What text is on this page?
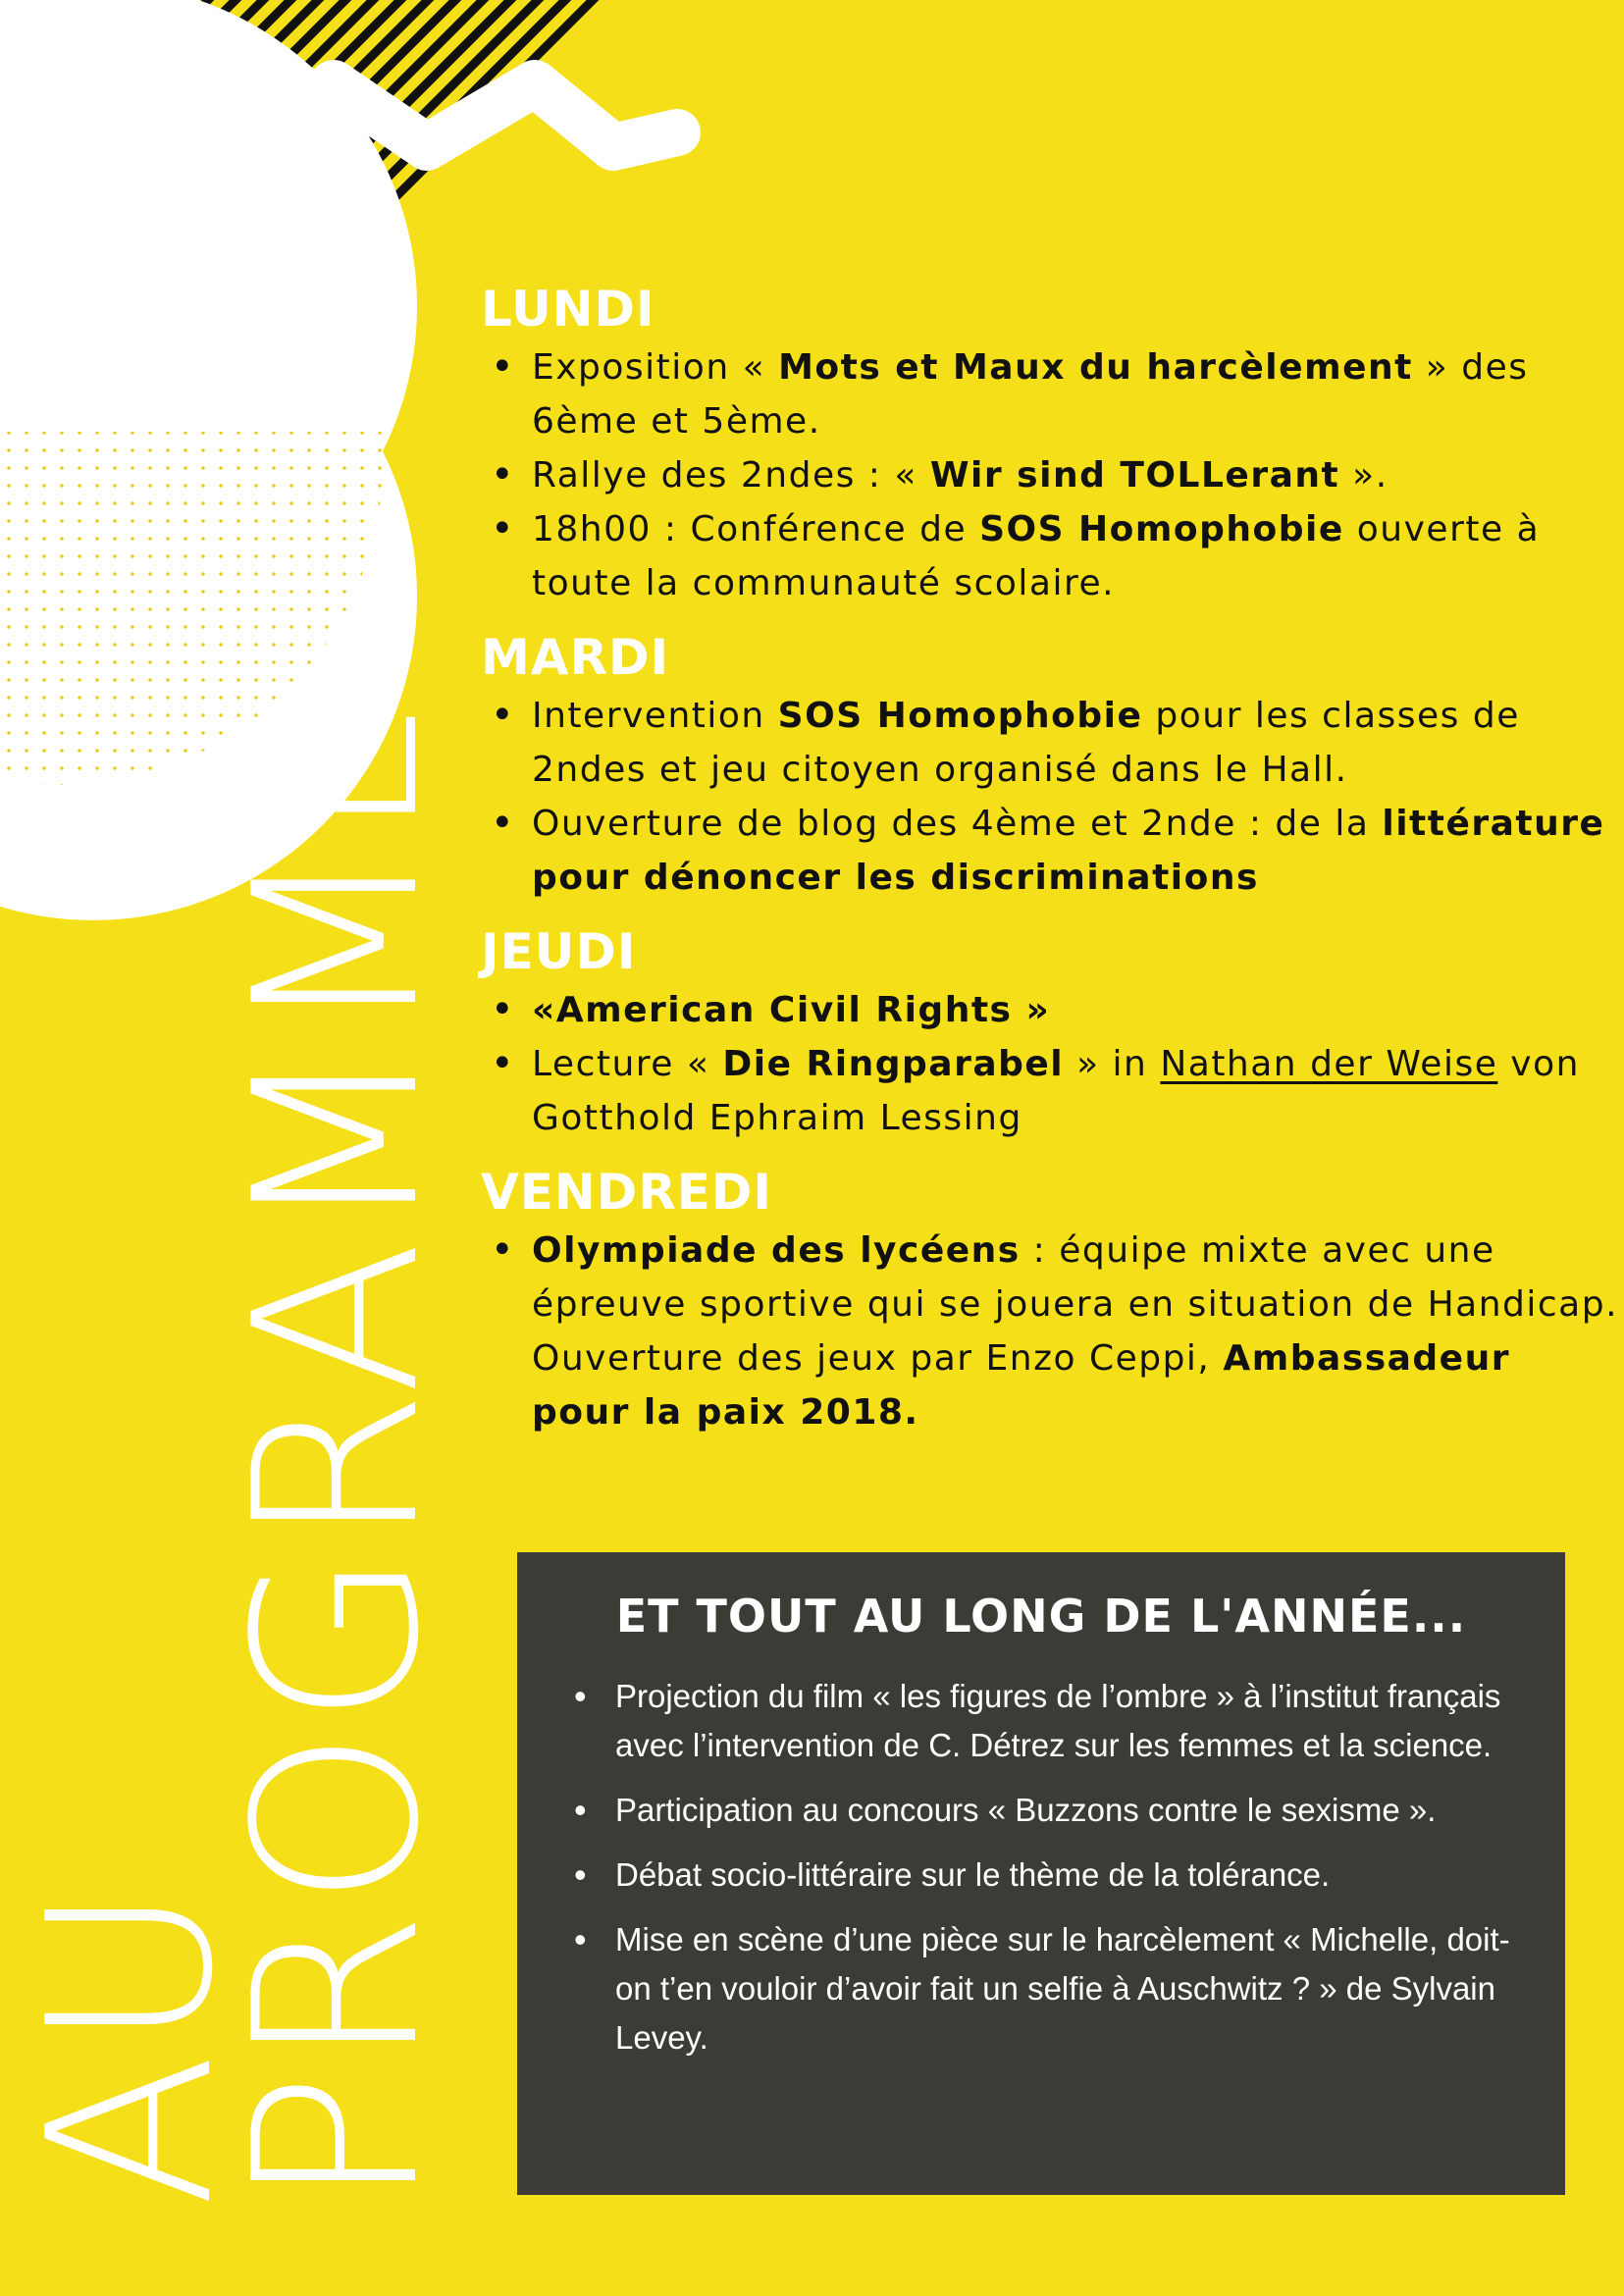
AU
PROGRAMME
LUNDI
• Exposition « Mots et Maux du harcèlement » des 6ème et 5ème.
• Rallye des 2ndes : « Wir sind TOLLerant ».
• 18h00 : Conférence de SOS Homophobie ouverte à toute la communauté scolaire.
MARDI
• Intervention SOS Homophobie pour les classes de 2ndes et jeu citoyen organisé dans le Hall.
• Ouverture de blog des 4ème et 2nde : de la littérature pour dénoncer les discriminations
JEUDI
• «American Civil Rights »
• Lecture « Die Ringparabel » in Nathan der Weise von Gotthold Ephraim Lessing
VENDREDI
• Olympiade des lycéens : équipe mixte avec une épreuve sportive qui se jouera en situation de Handicap.
Ouverture des jeux par Enzo Ceppi, Ambassadeur pour la paix 2018.
ET TOUT AU LONG DE L'ANNÉE...
• Projection du film « les figures de l’ombre » à l’institut français avec l’intervention de C. Détrez sur les femmes et la science.
• Participation au concours « Buzzons contre le sexisme ».
• Débat socio-littéraire sur le thème de la tolérance.
• Mise en scène d’une pièce sur le harcèlement « Michelle, doit-on t’en vouloir d’avoir fait un selfie à Auschwitz ? » de Sylvain Levey.
